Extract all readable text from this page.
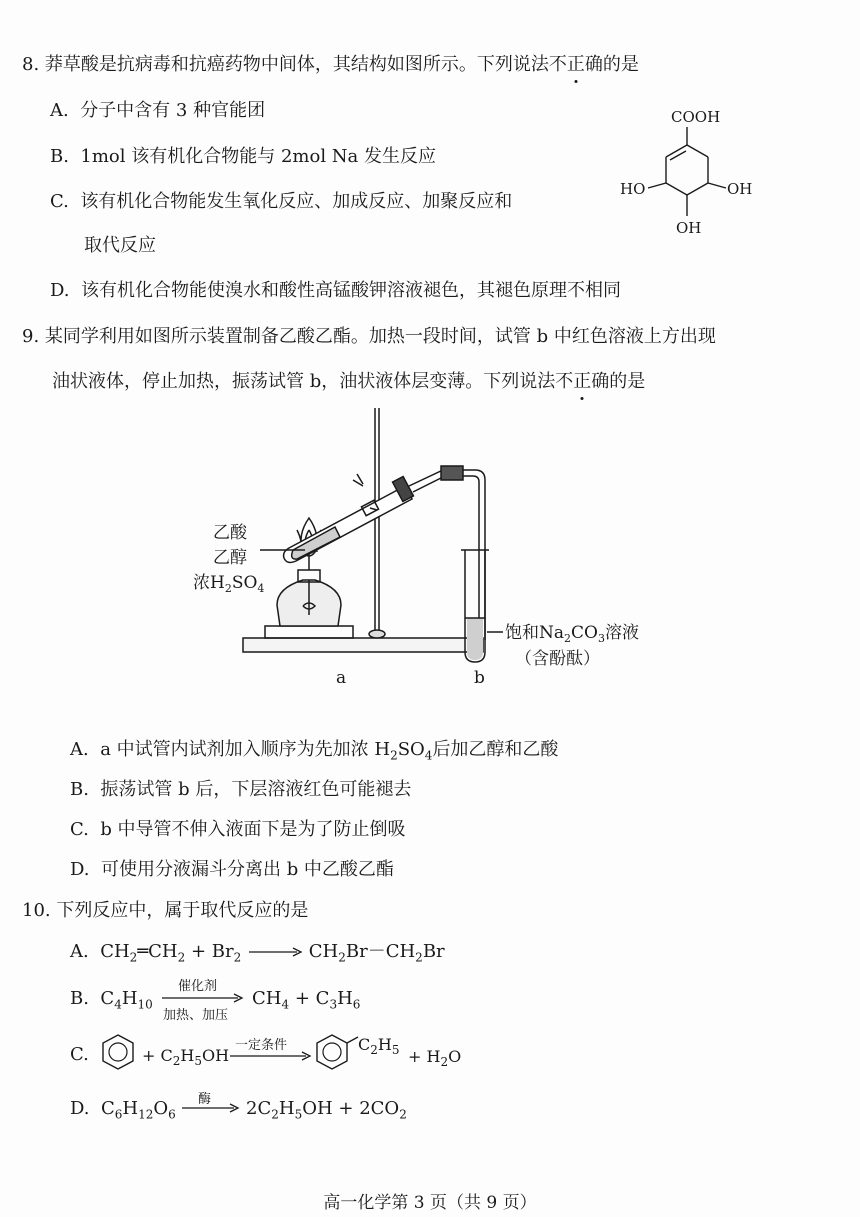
8. 莽草酸是抗病毒和抗癌药物中间体，其结构如图所示。下列说法不正确的是
A. 分子中含有 3 种官能团
B. 1mol 该有机化合物能与 2mol Na 发生反应
C. 该有机化合物能发生氧化反应、加成反应、加聚反应和
取代反应
D. 该有机化合物能使溴水和酸性高锰酸钾溶液褪色，其褪色原理不相同
COOH
HO	OH
OH
9. 某同学利用如图所示装置制备乙酸乙酯。加热一段时间，试管 b 中红色溶液上方出现
油状液体，停止加热，振荡试管 b，油状液体层变薄。下列说法不正确的是
乙酸
乙醇
浓$H_2SO_4$
饱和$Na_2CO_3$溶液
（含酚酞）
a	b
A. a 中试管内试剂加入顺序为先加浓 $H_2SO_4$后加乙醇和乙酸
B. 振荡试管 b 后，下层溶液红色可能褪去
C. b 中导管不伸入液面下是为了防止倒吸
D. 可使用分液漏斗分离出 b 中乙酸乙酯
10. 下列反应中，属于取代反应的是
A. $CH_2═CH_2 + Br_2$	$CH_2Br-CH_2Br$
B. $C_4H_{10}$
催化剂
加热、加压
$CH_4 + C_3H_6$
C.	+ $C_2H_5OH$
一定条件	$C_2H_5 + H_2O$
D. $C_6H_{12}O_6$
酶 $2C_2H_5OH + 2CO_2$
高一化学第 3 页（共 9 页）
